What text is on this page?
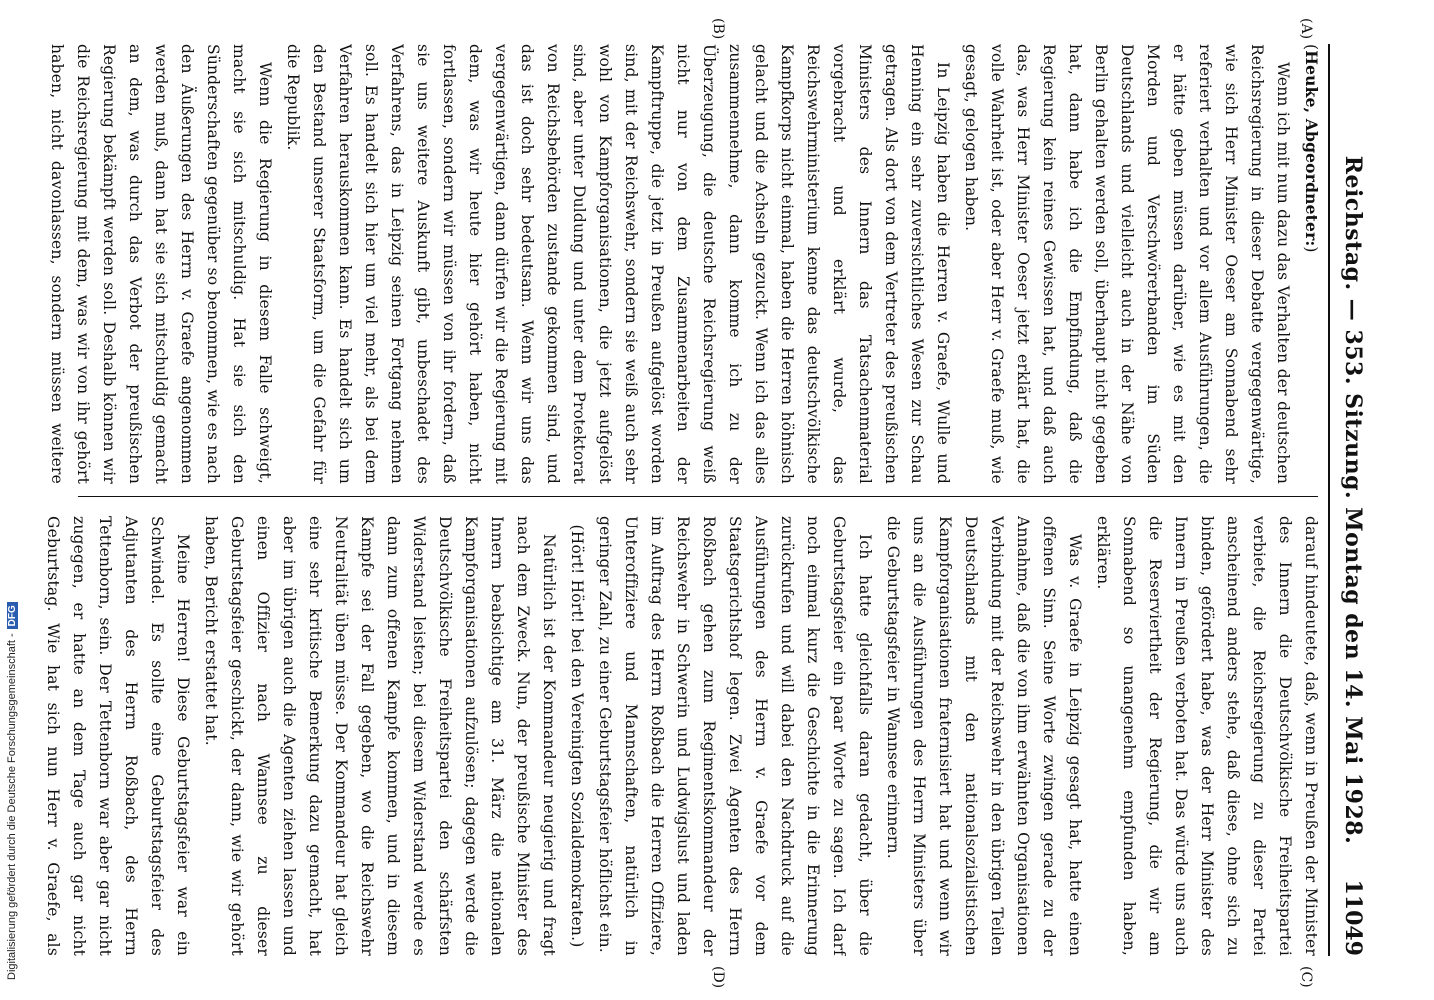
Reichstag. — 353. Sitzung. Montag den 14. Mai 1928.
11049
(A)
(B)
(C)
(D)

(Heuke, Abgeordneter:)

Wenn ich mit nun dazu das Verhalten der deutschen Reichsregierung in dieser Debatte vergegenwärtige, wie sich Herr Minister Oeser am Sonnabend sehr referiert verhalten und vor allem Ausführungen, die er hätte geben müssen darüber, wie es mit den Morden und Verschwörerbanden im Süden Deutschlands und vielleicht auch in der Nähe von Berlin gehalten werden soll, überhaupt nicht gegeben hat, dann habe ich die Empfindung, daß die Regierung kein reines Gewissen hat, und daß auch das, was Herr Minister Oeser jetzt erklärt hat, die volle Wahrheit ist, oder aber Herr v. Graefe muß, wie gesagt, gelogen haben.

In Leipzig haben die Herren v. Graefe, Wulle und Henning ein sehr zuversichtliches Wesen zur Schau getragen. Als dort von dem Vertreter des preußischen Ministers des Innern das Tatsachenmaterial vorgebracht und erklärt wurde, das Reichswehrministerium kenne das deutschvölkische Kampfkorps nicht einmal, haben die Herren höhnisch gelacht und die Achseln gezuckt. Wenn ich das alles zusammennehme, dann komme ich zu der Überzeugung, die deutsche Reichsregierung weiß nicht nur von dem Zusammenarbeiten der Kampftruppe, die jetzt in Preußen aufgelöst worden sind, mit der Reichswehr, sondern sie weiß auch sehr wohl von Kampforganisationen, die jetzt aufgelöst sind, aber unter Duldung und unter dem Protektorat von Reichsbehörden zustande gekommen sind, und das ist doch sehr bedeutsam. Wenn wir uns das vergegenwärtigen, dann dürfen wir die Regierung mit dem, was wir heute hier gehört haben, nicht fortlassen, sondern wir müssen von ihr fordern, daß sie uns weitere Auskunft gibt, unbeschadet des Verfahrens, das in Leipzig seinen Fortgang nehmen soll. Es handelt sich hier um viel mehr, als bei dem Verfahren herauskommen kann. Es handelt sich um den Bestand unserer Staatsform, um die Gefahr für die Republik.

Wenn die Regierung in diesem Falle schweigt, macht sie sich mitschuldig. Hat sie sich den Sünderschaften gegenüber so benommen, wie es nach den Äußerungen des Herrn v. Graefe angenommen werden muß, dann hat sie sich mitschuldig gemacht an dem, was durch das Verbot der preußischen Regierung bekämpft werden soll. Deshalb können wir die Reichsregierung mit dem, was wir von ihr gehört haben, nicht davonlassen, sondern müssen weitere

darauf hindeutete, daß, wenn in Preußen der Minister des Innern die Deutschvölkische Freiheitspartei verbiete, die Reichsregierung zu dieser Partei anscheinend anders stehe, daß diese, ohne sich zu binden, gefördert habe, was der Herr Minister des Innern in Preußen verboten hat. Das würde uns auch die Reserviertheit der Regierung, die wir am Sonnabend so unangenehm empfunden haben, erklären.

Was v. Graefe in Leipzig gesagt hat, hatte einen offenen Sinn. Seine Worte zwingen gerade zu der Annahme, daß die von ihm erwähnten Organisationen Verbindung mit der Reichswehr in den übrigen Teilen Deutschlands mit den nationalsozialistischen Kampforganisationen fraternisiert hat und wenn wir uns an die Ausführungen des Herrn Ministers über die Geburtstagsfeier in Wannsee erinnern.

Ich hatte gleichfalls daran gedacht, über die Geburtstagsfeier ein paar Worte zu sagen. Ich darf noch einmal kurz die Geschichte in die Erinnerung zurückrufen und will dabei den Nachdruck auf die Ausführungen des Herrn v. Graefe vor dem Staatsgerichtshof legen. Zwei Agenten des Herrn Roßbach gehen zum Regimentskommandeur der Reichswehr in Schwerin und Ludwigslust und laden im Auftrag des Herrn Roßbach die Herren Offiziere, Unteroffiziere und Mannschaften, natürlich in geringer Zahl, zu einer Geburtstagsfeier höflichst ein.

(Hört! Hört! bei den Vereinigten Sozialdemokraten.)

Natürlich ist der Kommandeur neugierig und fragt nach dem Zweck. Nun, der preußische Minister des Innern beabsichtige am 31. März die nationalen Kampforganisationen aufzulösen; dagegen werde die Deutschvölkische Freiheitspartei den schärfsten Widerstand leisten; bei diesem Widerstand werde es dann zum offenen Kampfe kommen, und in diesem Kampfe sei der Fall gegeben, wo die Reichswehr Neutralität üben müsse. Der Kommandeur hat gleich eine sehr kritische Bemerkung dazu gemacht, hat aber im übrigen auch die Agenten ziehen lassen und einen Offizier nach Wannsee zu dieser Geburtstagsfeier geschickt, der dann, wie wir gehört haben, Bericht erstattet hat.

Meine Herren! Diese Geburtstagsfeier war ein Schwindel. Es sollte eine Geburtstagsfeier des Adjutanten des Herrn Roßbach, des Herrn Tettenborn, sein. Der Tettenborn war aber gar nicht zugegen, er hatte an dem Tage auch gar nicht Geburtstag. Wie hat sich nun Herr v. Graefe, als

Digitalisierung gefördert durch die Deutsche Forschungsgemeinschaft -DFG
